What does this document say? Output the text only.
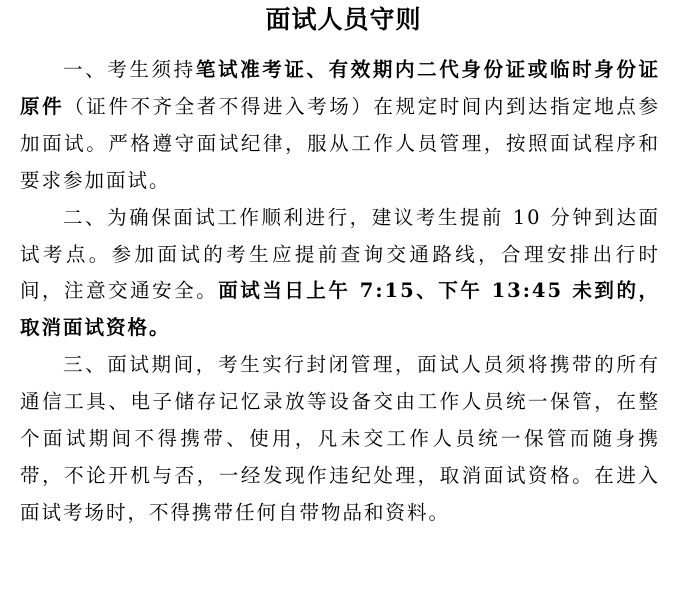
面试人员守则

一、考生须持笔试准考证、有效期内二代身份证或临时身份证原件（证件不齐全者不得进入考场）在规定时间内到达指定地点参加面试。严格遵守面试纪律，服从工作人员管理，按照面试程序和要求参加面试。

二、为确保面试工作顺利进行，建议考生提前 10 分钟到达面试考点。参加面试的考生应提前查询交通路线，合理安排出行时间，注意交通安全。面试当日上午 7:15、下午 13:45 未到的，取消面试资格。

三、面试期间，考生实行封闭管理，面试人员须将携带的所有通信工具、电子储存记忆录放等设备交由工作人员统一保管，在整个面试期间不得携带、使用，凡未交工作人员统一保管而随身携带，不论开机与否，一经发现作违纪处理，取消面试资格。在进入面试考场时，不得携带任何自带物品和资料。
